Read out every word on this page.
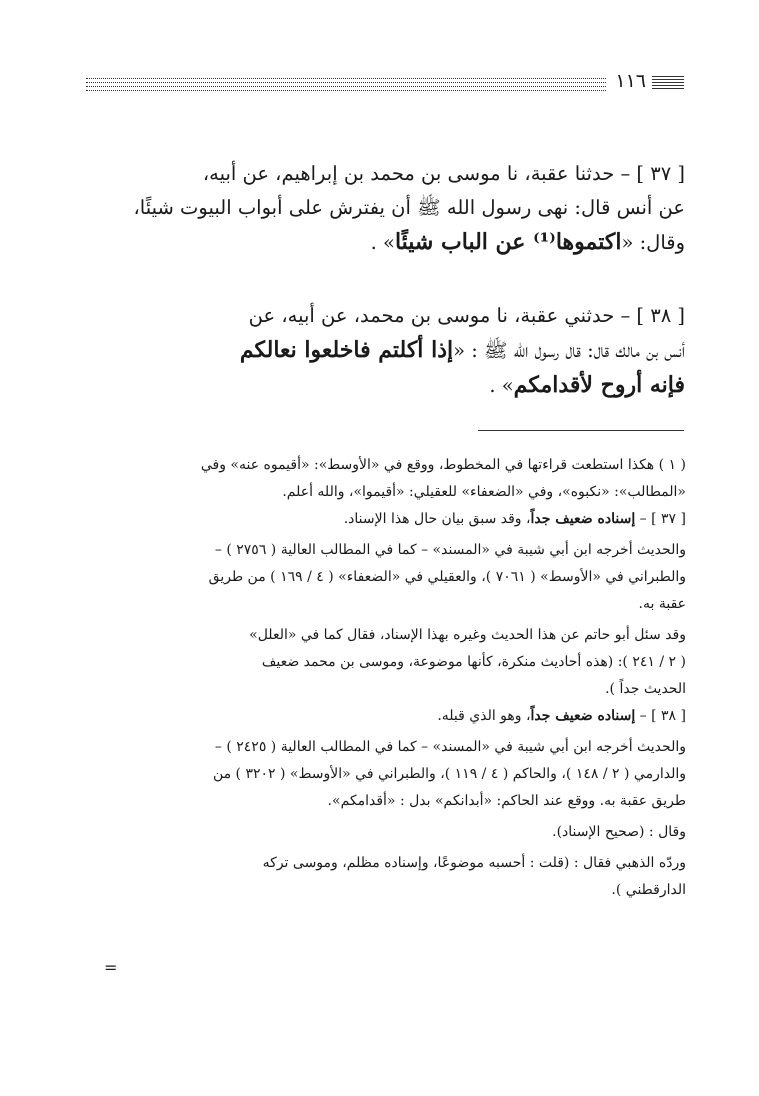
١١٦

[ ٣٧ ] – حدثنا عقبة، نا موسى بن محمد بن إبراهيم، عن أبيه،

عن أنس قال: نهى رسول الله ﷺ أن يفترش على أبواب البيوت شيئًا،

وقال: «اكتموها⁽¹⁾ عن الباب شيئًا» .

[ ٣٨ ] – حدثني عقبة، نا موسى بن محمد، عن أبيه، عن

أنس بن مالك قال: قال رسول الله ﷺ : «إذا أكلتم فاخلعوا نعالكم

فإنه أروح لأقدامكم» .

( ١ ) هكذا استطعت قراءتها في المخطوط، ووقع في «الأوسط»: «أقيموه عنه» وفي

«المطالب»: «نكبوه»، وفي «الضعفاء» للعقيلي: «أقيموا»، والله أعلم.

[ ٣٧ ] – إسناده ضعيف جداً، وقد سبق بيان حال هذا الإسناد.

والحديث أخرجه ابن أبي شيبة في «المسند» – كما في المطالب العالية ( ٢٧٥٦ ) –

والطبراني في «الأوسط» ( ٧٠٦١ )، والعقيلي في «الضعفاء» ( ٤ / ١٦٩ ) من طريق

عقبة به.

وقد سئل أبو حاتم عن هذا الحديث وغيره بهذا الإسناد، فقال كما في «العلل»

( ٢ / ٢٤١ ): (هذه أحاديث منكرة، كأنها موضوعة، وموسى بن محمد ضعيف

الحديث جداً ).

[ ٣٨ ] – إسناده ضعيف جداً، وهو الذي قبله.

والحديث أخرجه ابن أبي شيبة في «المسند» – كما في المطالب العالية ( ٢٤٢٥ ) –

والدارمي ( ٢ / ١٤٨ )، والحاكم ( ٤ / ١١٩ )، والطبراني في «الأوسط» ( ٣٢٠٢ ) من

طريق عقبة به. ووقع عند الحاكم: «أبدانكم» بدل : «أقدامكم».

وقال : (صحيح الإسناد).

وردّه الذهبي فقال : (قلت : أحسبه موضوعًا، وإسناده مظلم، وموسى تركه

الدارقطني ).

=
